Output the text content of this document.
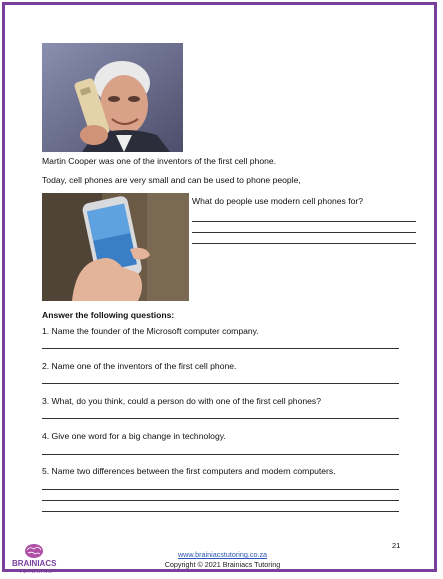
Martin Cooper was one of the inventors of the first cell phone.
Today, cell phones are very small and can be used to phone people,
What do people use modern cell phones for?
Answer the following questions:
1. Name the founder of the Microsoft computer company.
2. Name one of the inventors of the first cell phone.
3. What, do you think, could a person do with one of the first cell phones?
4. Give one word for a big change in technology.
5. Name two differences between the first computers and modern computers.
21
BRAINIACS
TUTORING
www.brainiacstutoring.co.za
Copyright © 2021 Brainiacs Tutoring
